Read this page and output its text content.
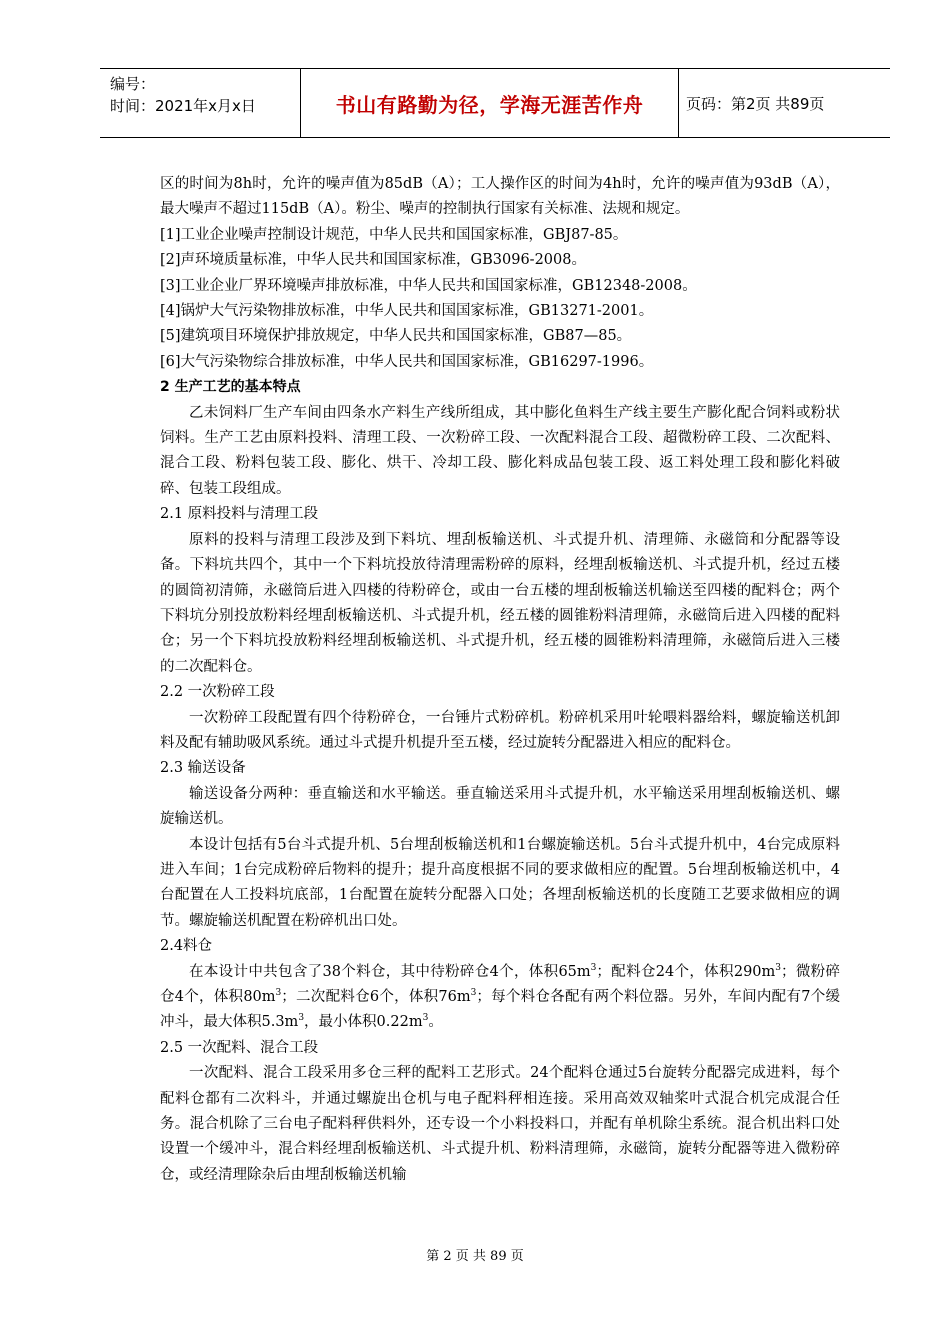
编号：
时间：2021年x月x日	书山有路勤为径，学海无涯苦作舟	页码：第2页 共89页

区的时间为8h时，允许的噪声值为85dB（A）；工人操作区的时间为4h时，允许的噪声值为93dB（A），最大噪声不超过115dB（A）。粉尘、噪声的控制执行国家有关标准、法规和规定。

[1]工业企业噪声控制设计规范，中华人民共和国国家标准，GBJ87-85。

[2]声环境质量标准，中华人民共和国国家标准，GB3096-2008。

[3]工业企业厂界环境噪声排放标准，中华人民共和国国家标准，GB12348-2008。

[4]锅炉大气污染物排放标准，中华人民共和国国家标准，GB13271-2001。

[5]建筑项目环境保护排放规定，中华人民共和国国家标准，GB87—85。

[6]大气污染物综合排放标准，中华人民共和国国家标准，GB16297-1996。

2 生产工艺的基本特点

乙未饲料厂生产车间由四条水产料生产线所组成，其中膨化鱼料生产线主要生产膨化配合饲料或粉状饲料。生产工艺由原料投料、清理工段、一次粉碎工段、一次配料混合工段、超微粉碎工段、二次配料、混合工段、粉料包装工段、膨化、烘干、冷却工段、膨化料成品包装工段、返工料处理工段和膨化料破碎、包装工段组成。

2.1 原料投料与清理工段

原料的投料与清理工段涉及到下料坑、埋刮板输送机、斗式提升机、清理筛、永磁筒和分配器等设备。下料坑共四个，其中一个下料坑投放待清理需粉碎的原料，经埋刮板输送机、斗式提升机，经过五楼的圆筒初清筛，永磁筒后进入四楼的待粉碎仓，或由一台五楼的埋刮板输送机输送至四楼的配料仓；两个下料坑分别投放粉料经埋刮板输送机、斗式提升机，经五楼的圆锥粉料清理筛，永磁筒后进入四楼的配料仓；另一个下料坑投放粉料经埋刮板输送机、斗式提升机，经五楼的圆锥粉料清理筛，永磁筒后进入三楼的二次配料仓。

2.2 一次粉碎工段

一次粉碎工段配置有四个待粉碎仓，一台锤片式粉碎机。粉碎机采用叶轮喂料器给料，螺旋输送机卸料及配有辅助吸风系统。通过斗式提升机提升至五楼，经过旋转分配器进入相应的配料仓。

2.3 输送设备

输送设备分两种：垂直输送和水平输送。垂直输送采用斗式提升机，水平输送采用埋刮板输送机、螺旋输送机。

本设计包括有5台斗式提升机、5台埋刮板输送机和1台螺旋输送机。5台斗式提升机中，4台完成原料进入车间；1台完成粉碎后物料的提升；提升高度根据不同的要求做相应的配置。5台埋刮板输送机中，4台配置在人工投料坑底部，1台配置在旋转分配器入口处；各埋刮板输送机的长度随工艺要求做相应的调节。螺旋输送机配置在粉碎机出口处。

2.4料仓

在本设计中共包含了38个料仓，其中待粉碎仓4个，体积$65m^3$；配料仓24个，体积$290m^3$；微粉碎仓4个，体积$80m^3$；二次配料仓6个，体积$76m^3$；每个料仓各配有两个料位器。另外，车间内配有7个缓冲斗，最大体积$5.3m^3$，最小体积$0.22m^3$。

2.5 一次配料、混合工段

一次配料、混合工段采用多仓三秤的配料工艺形式。24个配料仓通过5台旋转分配器完成进料，每个配料仓都有二次料斗，并通过螺旋出仓机与电子配料秤相连接。采用高效双轴桨叶式混合机完成混合任务。混合机除了三台电子配料秤供料外，还专设一个小料投料口，并配有单机除尘系统。混合机出料口处设置一个缓冲斗，混合料经埋刮板输送机、斗式提升机、粉料清理筛，永磁筒，旋转分配器等进入微粉碎仓，或经清理除杂后由埋刮板输送机输

第 2 页 共 89 页
